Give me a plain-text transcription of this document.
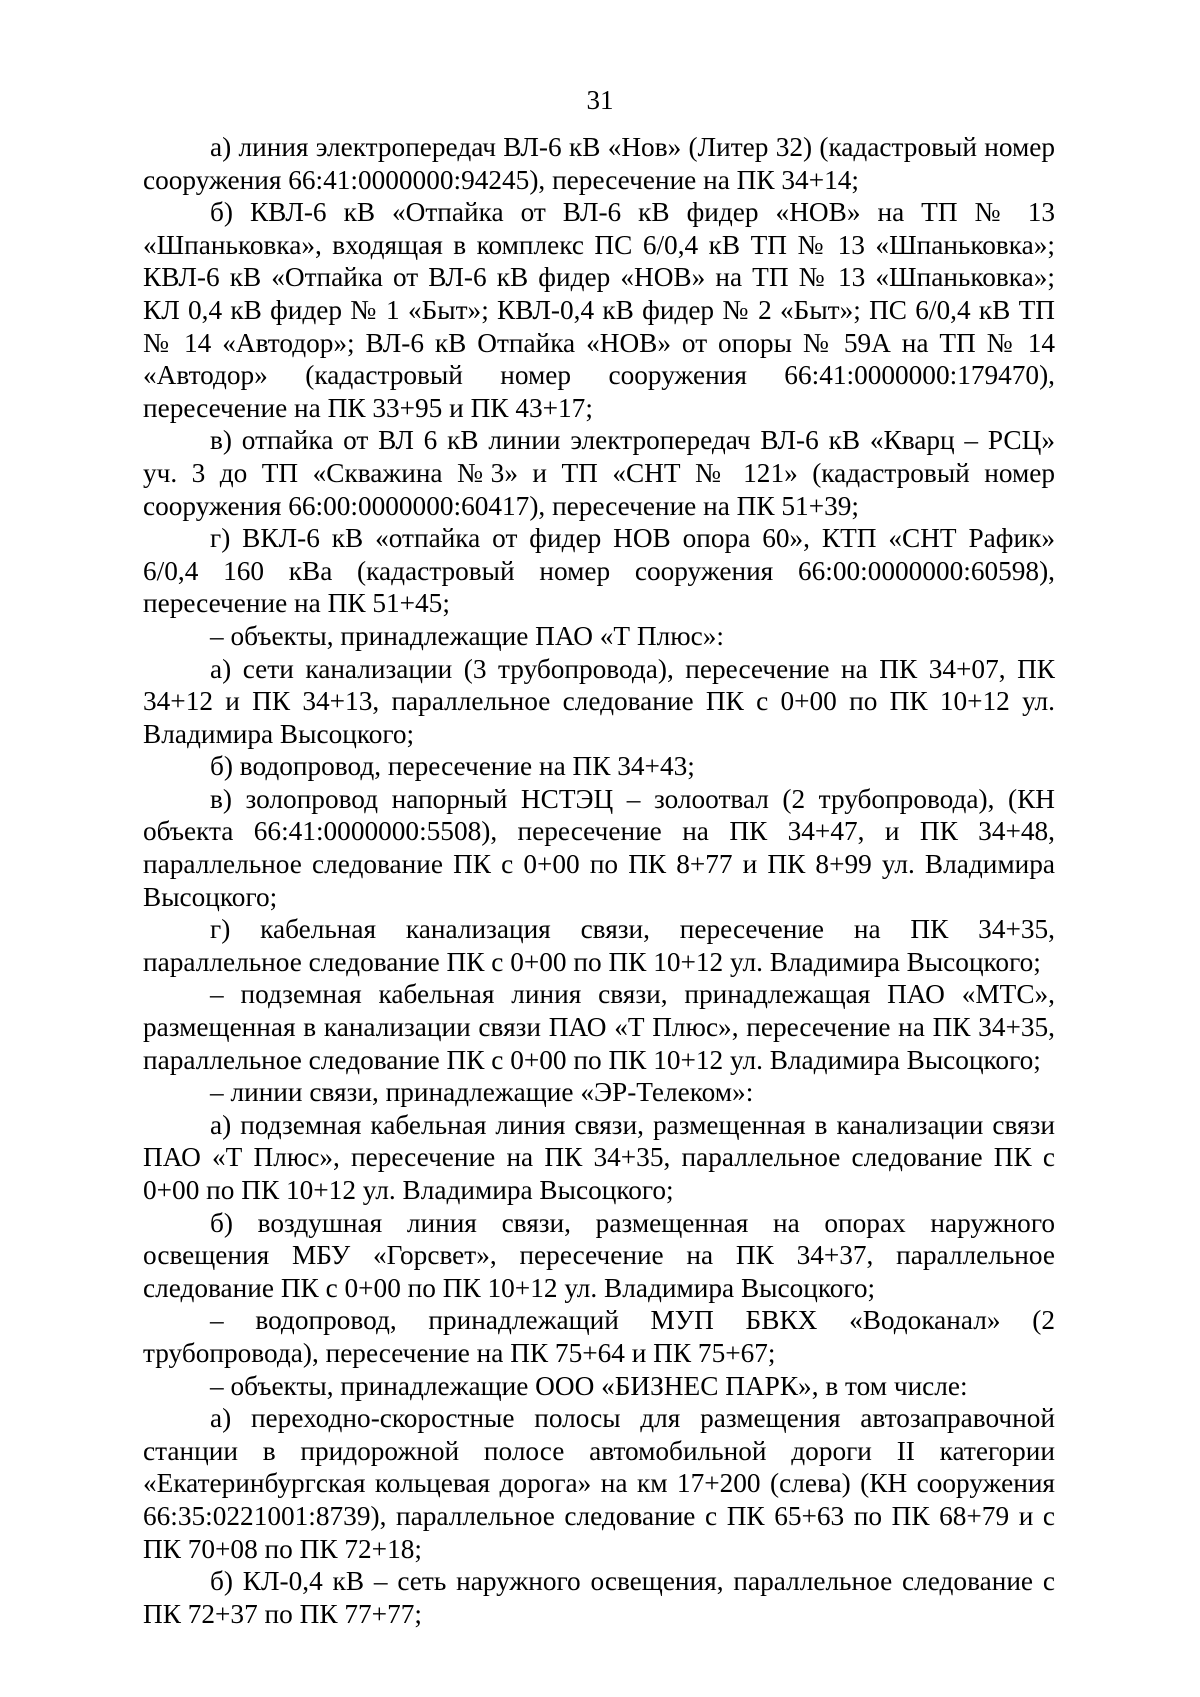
31

а) линия электропередач ВЛ-6 кВ «Нов» (Литер 32) (кадастровый номер сооружения 66:41:0000000:94245), пересечение на ПК 34+14;

б) КВЛ-6 кВ «Отпайка от ВЛ-6 кВ фидер «НОВ» на ТП № 13 «Шпаньковка», входящая в комплекс ПС 6/0,4 кВ ТП № 13 «Шпаньковка»; КВЛ-6 кВ «Отпайка от ВЛ-6 кВ фидер «НОВ» на ТП № 13 «Шпаньковка»; КЛ 0,4 кВ фидер № 1 «Быт»; КВЛ-0,4 кВ фидер № 2 «Быт»; ПС 6/0,4 кВ ТП № 14 «Автодор»; ВЛ-6 кВ Отпайка «НОВ» от опоры № 59А на ТП № 14 «Автодор» (кадастровый номер сооружения 66:41:0000000:179470), пересечение на ПК 33+95 и ПК 43+17;

в) отпайка от ВЛ 6 кВ линии электропередач ВЛ-6 кВ «Кварц – РСЦ» уч. 3 до ТП «Скважина №3» и ТП «СНТ № 121» (кадастровый номер сооружения 66:00:0000000:60417), пересечение на ПК 51+39;

г) ВКЛ-6 кВ «отпайка от фидер НОВ опора 60», КТП «СНТ Рафик» 6/0,4 160 кВа (кадастровый номер сооружения 66:00:0000000:60598), пересечение на ПК 51+45;

– объекты, принадлежащие ПАО «Т Плюс»:

а) сети канализации (3 трубопровода), пересечение на ПК 34+07, ПК 34+12 и ПК 34+13, параллельное следование ПК с 0+00 по ПК 10+12 ул. Владимира Высоцкого;

б) водопровод, пересечение на ПК 34+43;

в) золопровод напорный НСТЭЦ – золоотвал (2 трубопровода), (КН объекта 66:41:0000000:5508), пересечение на ПК 34+47, и ПК 34+48, параллельное следование ПК с 0+00 по ПК 8+77 и ПК 8+99 ул. Владимира Высоцкого;

г) кабельная канализация связи, пересечение на ПК 34+35, параллельное следование ПК с 0+00 по ПК 10+12 ул. Владимира Высоцкого;

– подземная кабельная линия связи, принадлежащая ПАО «МТС», размещенная в канализации связи ПАО «Т Плюс», пересечение на ПК 34+35, параллельное следование ПК с 0+00 по ПК 10+12 ул. Владимира Высоцкого;

– линии связи, принадлежащие «ЭР-Телеком»:

а) подземная кабельная линия связи, размещенная в канализации связи ПАО «Т Плюс», пересечение на ПК 34+35, параллельное следование ПК с 0+00 по ПК 10+12 ул. Владимира Высоцкого;

б) воздушная линия связи, размещенная на опорах наружного освещения МБУ «Горсвет», пересечение на ПК 34+37, параллельное следование ПК с 0+00 по ПК 10+12 ул. Владимира Высоцкого;

– водопровод, принадлежащий МУП БВКХ «Водоканал» (2 трубопровода), пересечение на ПК 75+64 и ПК 75+67;

– объекты, принадлежащие ООО «БИЗНЕС ПАРК», в том числе:

а) переходно-скоростные полосы для размещения автозаправочной станции в придорожной полосе автомобильной дороги II категории «Екатеринбургская кольцевая дорога» на км 17+200 (слева) (КН сооружения 66:35:0221001:8739), параллельное следование с ПК 65+63 по ПК 68+79 и с ПК 70+08 по ПК 72+18;

б) КЛ-0,4 кВ – сеть наружного освещения, параллельное следование с ПК 72+37 по ПК 77+77;
